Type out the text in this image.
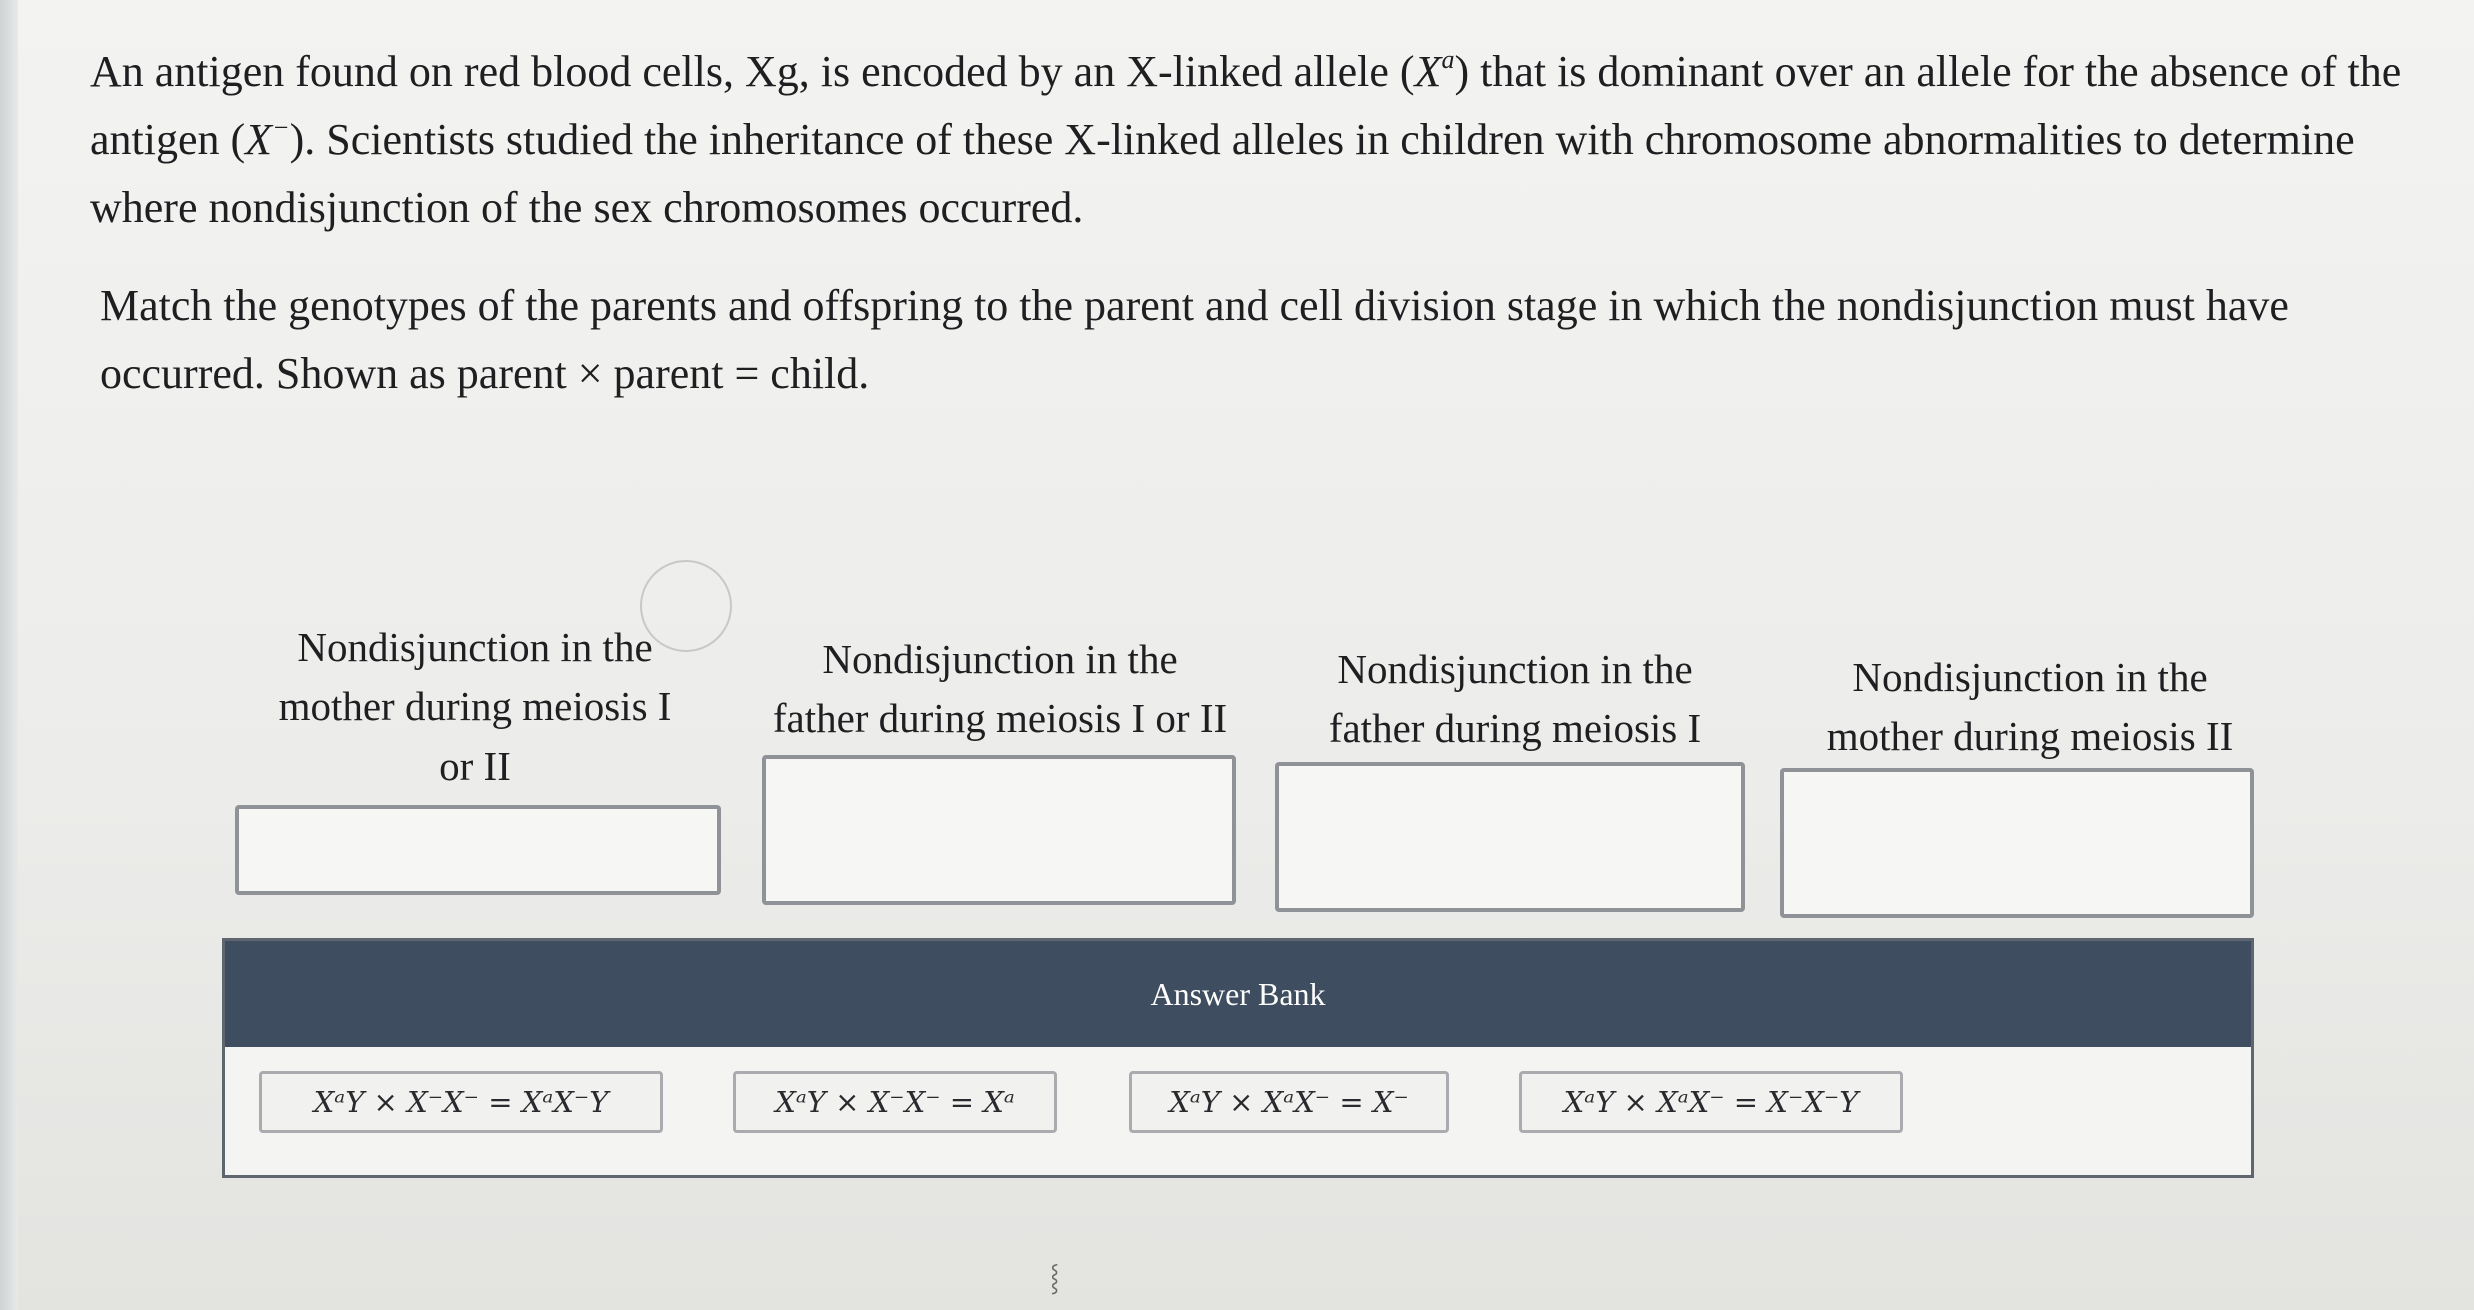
An antigen found on red blood cells, Xg, is encoded by an X-linked allele $(X^a)$ that is dominant over an allele for the absence of the antigen (X−). Scientists studied the inheritance of these X-linked alleles in children with chromosome abnormalities to determine where nondisjunction of the sex chromosomes occurred.

Match the genotypes of the parents and offspring to the parent and cell division stage in which the nondisjunction must have occurred. Shown as parent × parent = child.

Nondisjunction in the
mother during meiosis I
or II
Nondisjunction in the
father during meiosis I or II
Nondisjunction in the
father during meiosis I
Nondisjunction in the
mother during meiosis II
Answer Bank
XᵃY × X⁻X⁻ = XᵃX⁻Y	XᵃY × X⁻X⁻ = Xᵃ	XᵃY × XᵃX⁻ = X⁻	XᵃY × XᵃX⁻ = X⁻X⁻Y
⸾
